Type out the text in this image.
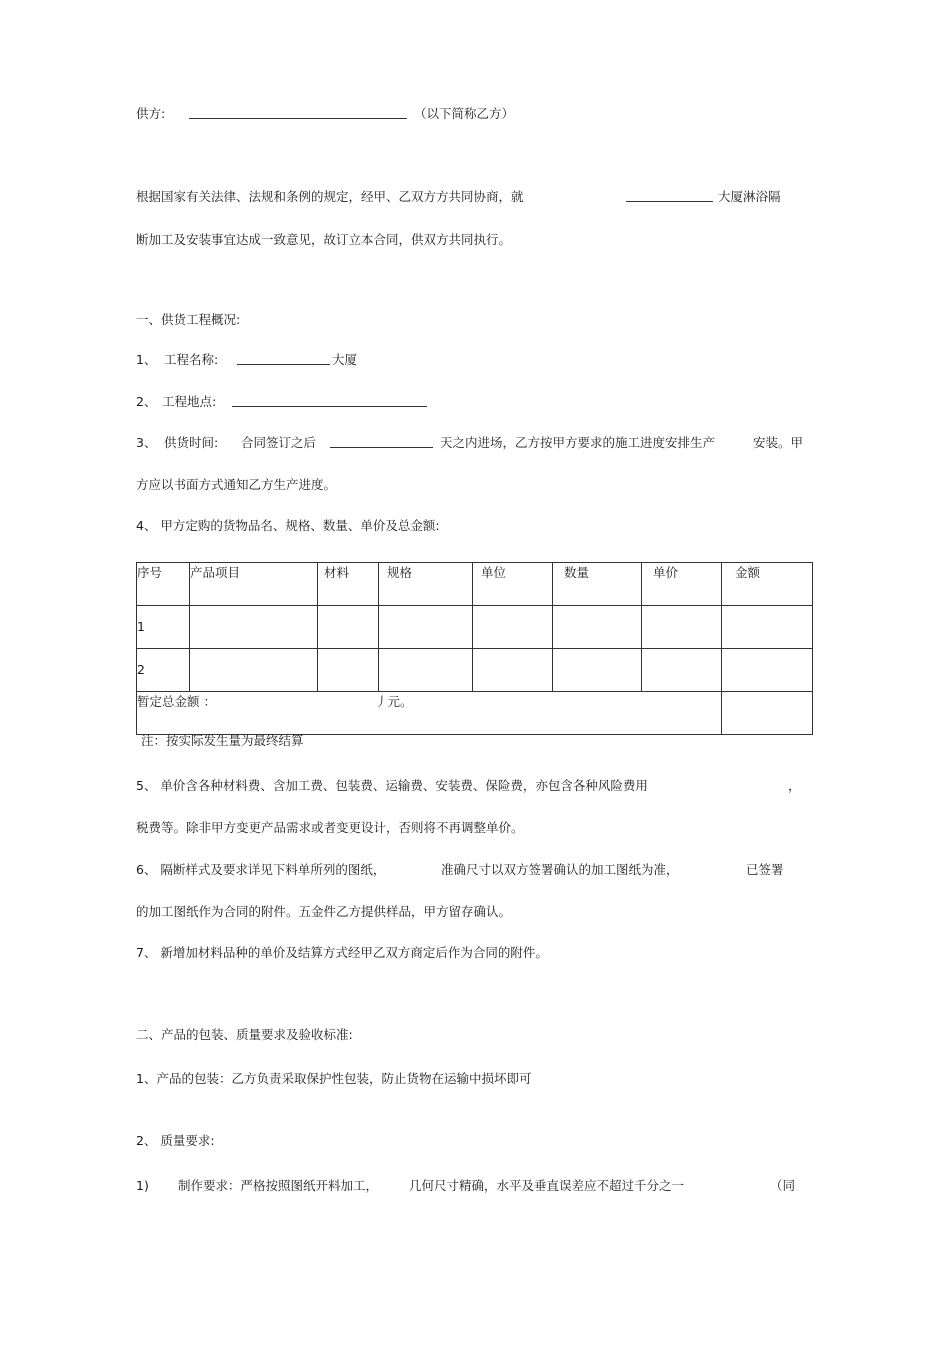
供方:	（以下简称乙方）
根据国家有关法律、法规和条例的规定，经甲、乙双方方共同协商，就	大厦淋浴隔
断加工及安装事宜达成一致意见，故订立本合同，供双方共同执行。
一、供货工程概况:
1、 工程名称:	大厦
2、 工程地点:
3、 供货时间: 合同签订之后	天之内进场，乙方按甲方要求的施工进度安排生产	安装。甲
方应以书面方式通知乙方生产进度。
4、 甲方定购的货物品名、规格、数量、单价及总金额:
序号	产品项目	材料	规格	单位	数量	单价	金额
1							
2							
暂定总金额 ： 丿元。							

注：按实际发生量为最终结算
5、 单价含各种材料费、含加工费、包装费、运输费、安装费、保险费，亦包含各种风险费用	，
税费等。除非甲方变更产品需求或者变更设计，否则将不再调整单价。
6、 隔断样式及要求详见下料单所列的图纸，	准确尺寸以双方签署确认的加工图纸为准，	已签署
的加工图纸作为合同的附件。五金件乙方提供样品，甲方留存确认。
7、 新增加材料品种的单价及结算方式经甲乙双方商定后作为合同的附件。
二、产品的包装、质量要求及验收标准:
1、产品的包装：乙方负责采取保护性包装，防止货物在运输中损坏即可
2、 质量要求:
1) 制作要求：严格按照图纸开料加工， 几何尺寸精确，水平及垂直误差应不超过千分之一	（同
